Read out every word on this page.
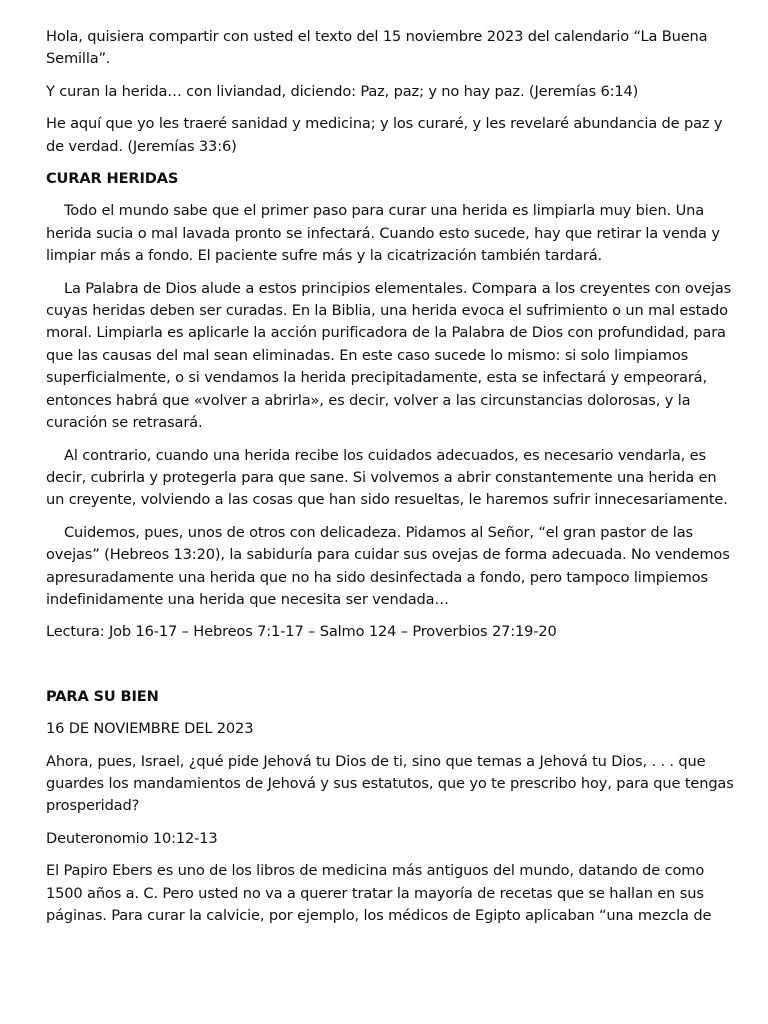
Hola, quisiera compartir con usted el texto del 15 noviembre 2023 del calendario “La Buena Semilla”.

Y curan la herida… con liviandad, diciendo: Paz, paz; y no hay paz. (Jeremías 6:14)

He aquí que yo les traeré sanidad y medicina; y los curaré, y les revelaré abundancia de paz y de verdad. (Jeremías 33:6)

CURAR HERIDAS

Todo el mundo sabe que el primer paso para curar una herida es limpiarla muy bien. Una herida sucia o mal lavada pronto se infectará. Cuando esto sucede, hay que retirar la venda y limpiar más a fondo. El paciente sufre más y la cicatrización también tardará.

La Palabra de Dios alude a estos principios elementales. Compara a los creyentes con ovejas cuyas heridas deben ser curadas. En la Biblia, una herida evoca el sufrimiento o un mal estado moral. Limpiarla es aplicarle la acción purificadora de la Palabra de Dios con profundidad, para que las causas del mal sean eliminadas. En este caso sucede lo mismo: si solo limpiamos superficialmente, o si vendamos la herida precipitadamente, esta se infectará y empeorará, entonces habrá que «volver a abrirla», es decir, volver a las circunstancias dolorosas, y la curación se retrasará.

Al contrario, cuando una herida recibe los cuidados adecuados, es necesario vendarla, es decir, cubrirla y protegerla para que sane. Si volvemos a abrir constantemente una herida en un creyente, volviendo a las cosas que han sido resueltas, le haremos sufrir innecesariamente.

Cuidemos, pues, unos de otros con delicadeza. Pidamos al Señor, “el gran pastor de las ovejas” (Hebreos 13:20), la sabiduría para cuidar sus ovejas de forma adecuada. No vendemos apresuradamente una herida que no ha sido desinfectada a fondo, pero tampoco limpiemos indefinidamente una herida que necesita ser vendada…

Lectura: Job 16-17 – Hebreos 7:1-17 – Salmo 124 – Proverbios 27:19-20

PARA SU BIEN

16 DE NOVIEMBRE DEL 2023

Ahora, pues, Israel, ¿qué pide Jehová tu Dios de ti, sino que temas a Jehová tu Dios, . . . que guardes los mandamientos de Jehová y sus estatutos, que yo te prescribo hoy, para que tengas prosperidad?

Deuteronomio 10:12-13

El Papiro Ebers es uno de los libros de medicina más antiguos del mundo, datando de como 1500 años a. C. Pero usted no va a querer tratar la mayoría de recetas que se hallan en sus páginas. Para curar la calvicie, por ejemplo, los médicos de Egipto aplicaban “una mezcla de
